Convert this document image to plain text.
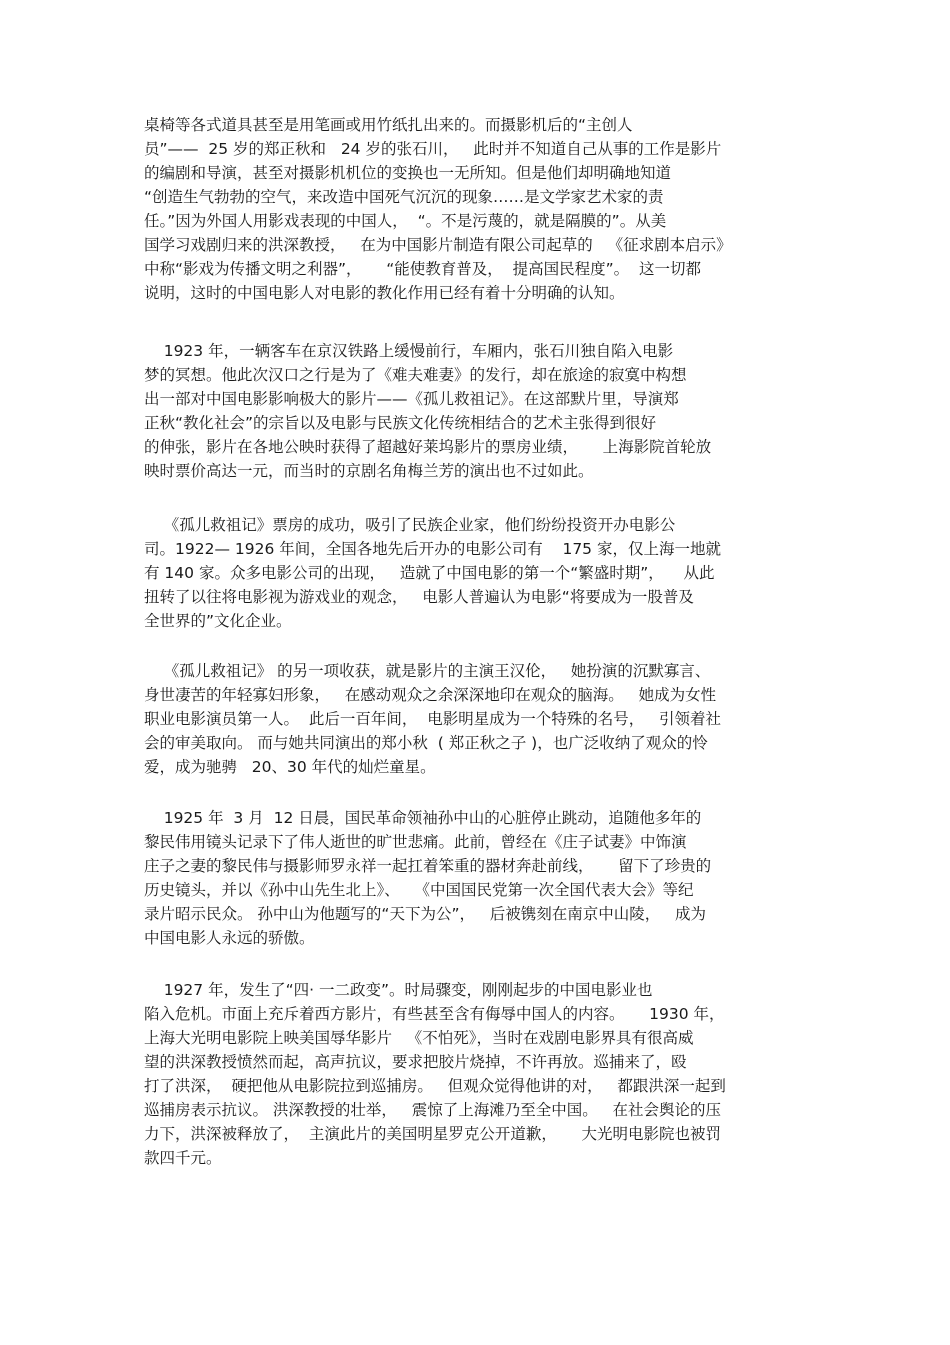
桌椅等各式道具甚至是用笔画或用竹纸扎出来的。而摄影机后的“主创人
员”——  25 岁的郑正秋和   24 岁的张石川，   此时并不知道自己从事的工作是影片
的编剧和导演，甚至对摄影机机位的变换也一无所知。但是他们却明确地知道
“创造生气勃勃的空气，来改造中国死气沉沉的现象……是文学家艺术家的责
任。”因为外国人用影戏表现的中国人，  “。不是污蔑的，就是隔膜的”。从美
国学习戏剧归来的洪深教授，   在为中国影片制造有限公司起草的   《征求剧本启示》
中称“影戏为传播文明之利器”，     “能使教育普及，  提高国民程度”。  这一切都
说明，这时的中国电影人对电影的教化作用已经有着十分明确的认知。
1923 年，一辆客车在京汉铁路上缓慢前行，车厢内，张石川独自陷入电影
梦的冥想。他此次汉口之行是为了《难夫难妻》的发行，却在旅途的寂寞中构想
出一部对中国电影影响极大的影片——《孤儿救祖记》。在这部默片里，导演郑
正秋“教化社会”的宗旨以及电影与民族文化传统相结合的艺术主张得到很好
的伸张，影片在各地公映时获得了超越好莱坞影片的票房业绩，     上海影院首轮放
映时票价高达一元，而当时的京剧名角梅兰芳的演出也不过如此。
《孤儿救祖记》票房的成功，吸引了民族企业家，他们纷纷投资开办电影公
司。1922— 1926 年间，全国各地先后开办的电影公司有    175 家，仅上海一地就
有 140 家。众多电影公司的出现，   造就了中国电影的第一个“繁盛时期”，    从此
扭转了以往将电影视为游戏业的观念，   电影人普遍认为电影“将要成为一股普及
全世界的”文化企业。
《孤儿救祖记》 的另一项收获，就是影片的主演王汉伦，   她扮演的沉默寡言、
身世凄苦的年轻寡妇形象，   在感动观众之余深深地印在观众的脑海。   她成为女性
职业电影演员第一人。  此后一百年间，  电影明星成为一个特殊的名号，   引领着社
会的审美取向。 而与她共同演出的郑小秋  ( 郑正秋之子 )，也广泛收纳了观众的怜
爱，成为驰骋   20、30 年代的灿烂童星。
1925 年  3 月  12 日晨，国民革命领袖孙中山的心脏停止跳动，追随他多年的
黎民伟用镜头记录下了伟人逝世的旷世悲痛。此前，曾经在《庄子试妻》中饰演
庄子之妻的黎民伟与摄影师罗永祥一起扛着笨重的器材奔赴前线，     留下了珍贵的
历史镜头，并以《孙中山先生北上》、   《中国国民党第一次全国代表大会》等纪
录片昭示民众。 孙中山为他题写的“天下为公”，   后被镌刻在南京中山陵，   成为
中国电影人永远的骄傲。
1927 年，发生了“四· 一二政变”。时局骤变，刚刚起步的中国电影业也
陷入危机。市面上充斥着西方影片，有些甚至含有侮辱中国人的内容。     1930 年，
上海大光明电影院上映美国辱华影片   《不怕死》，当时在戏剧电影界具有很高威
望的洪深教授愤然而起，高声抗议，要求把胶片烧掉，不许再放。巡捕来了，殴
打了洪深，  硬把他从电影院拉到巡捕房。   但观众觉得他讲的对，   都跟洪深一起到
巡捕房表示抗议。 洪深教授的壮举，   震惊了上海滩乃至全中国。   在社会舆论的压
力下，洪深被释放了，  主演此片的美国明星罗克公开道歉，     大光明电影院也被罚
款四千元。
